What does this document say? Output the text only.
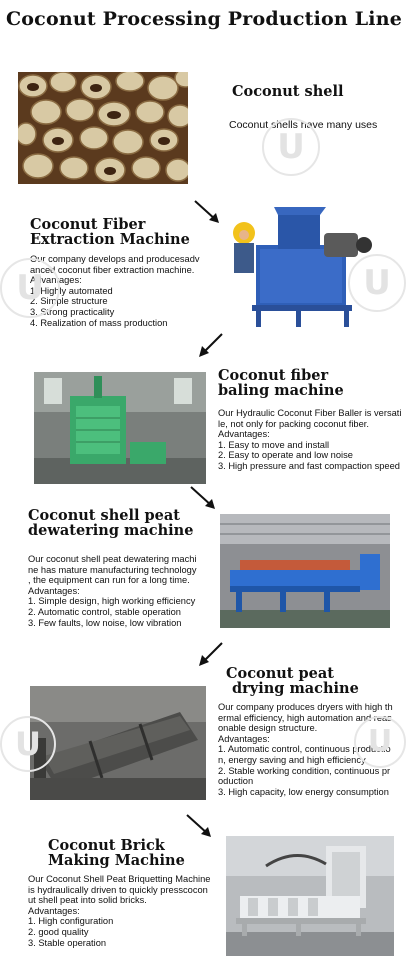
Coconut Processing Production Line
Coconut shell
Coconut shells have many uses
U
Coconut Fiber
Extraction Machine
Our company develops and producesadv
anced coconut fiber extraction machine.
Advantages:
1. Highly automated
2. Simple structure
3. Strong practicality
4. Realization of mass production
U	U
Coconut fiber
baling machine
Our Hydraulic Coconut Fiber Baller is versati
le, not only for packing coconut fiber.
Advantages:
1. Easy to move and install
2. Easy to operate and low noise
3. High pressure and fast compaction speed
Coconut shell peat
dewatering machine
Our coconut shell peat dewatering machi
ne has mature manufacturing technology
, the equipment can run for a long time.
Advantages:
1. Simple design, high working efficiency
2. Automatic control, stable operation
3. Few faults, low noise, low vibration
Coconut peat
drying machine
Our company produces dryers with high th
ermal efficiency, high automation and reas
onable design structure.
Advantages:
1. Automatic control, continuous productio
n, energy saving and high efficiency
2. Stable working condition, continuous pr
oduction
3. High capacity, low energy consumption
U	U
Coconut Brick
Making Machine
Our Coconut Shell Peat Briquetting Machine
is hydraulically driven to quickly presscocon
ut shell peat into solid bricks.
Advantages:
1. High configuration
2. good quality
3. Stable operation
